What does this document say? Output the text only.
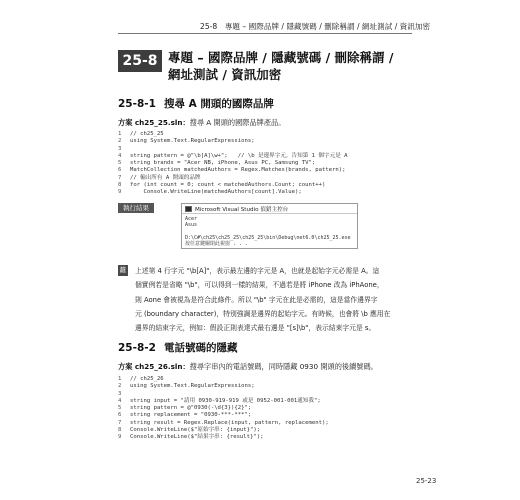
25-8　專題 – 國際品牌 / 隱藏號碼 / 刪除稱謂 / 網址測試 / 資訊加密
25-8 專題 – 國際品牌 / 隱藏號碼 / 刪除稱謂 /
網址測試 / 資訊加密
25-8-1 搜尋 A 開頭的國際品牌
方案 ch25_25.sln：搜尋 A 開頭的國際品牌產品。
1 // ch25_25
2 using System.Text.RegularExpressions;
3
4 string pattern = @"\b[A]\w+";   // \b 是邊界字元，告知第 1 個字元是 A
5 string brands = "Acer NB, iPhone, Asus PC, Samsung TV";
6 MatchCollection matchedAuthors = Regex.Matches(brands, pattern);
7 // 輸出所有 A 開頭的品牌
8 for (int count = 0; count < matchedAuthors.Count; count++)
9    Console.WriteLine(matchedAuthors[count].Value);
執行結果	Microsoft Visual Studio 偵錯主控台
Acer
Asus
D:\C#\ch25\ch25_25\ch25_25\bin\Debug\net6.0\ch25_25.exe
按任意鍵關閉此視窗 . . .
註 上述第 4 行字元 "\b[A]"，表示最左邊的字元是 A，也就是起始字元必需是 A。這
個實例若是省略 "\b"，可以得到一樣的結果，不過若是將 iPhone 改為 iPhAone，
則 Aone 會被視為是符合此條件。所以 "\b" 字元在此是必需的，這是當作邊界字
元 (boundary character)，特別強調是邊界的起始字元。有時候，也會將 \b 應用在
邊界的結束字元，例如：假設正則表達式最右邊是 "[s]\b"，表示結束字元是 s。
25-8-2 電話號碼的隱藏
方案 ch25_26.sln：搜尋字串內的電話號碼，同時隱藏 0930 開頭的後續號碼。
1 // ch25_26
2 using System.Text.RegularExpressions;
3
4 string input = "請用 0930-919-919 或是 0952-001-001通知我";
5 string pattern = @"0930(-\d{3}){2}";
6 string replacement = "0930-***-***";
7 string result = Regex.Replace(input, pattern, replacement);
8 Console.WriteLine($"原始字串: {input}");
9 Console.WriteLine($"結果字串: {result}");
25-23
